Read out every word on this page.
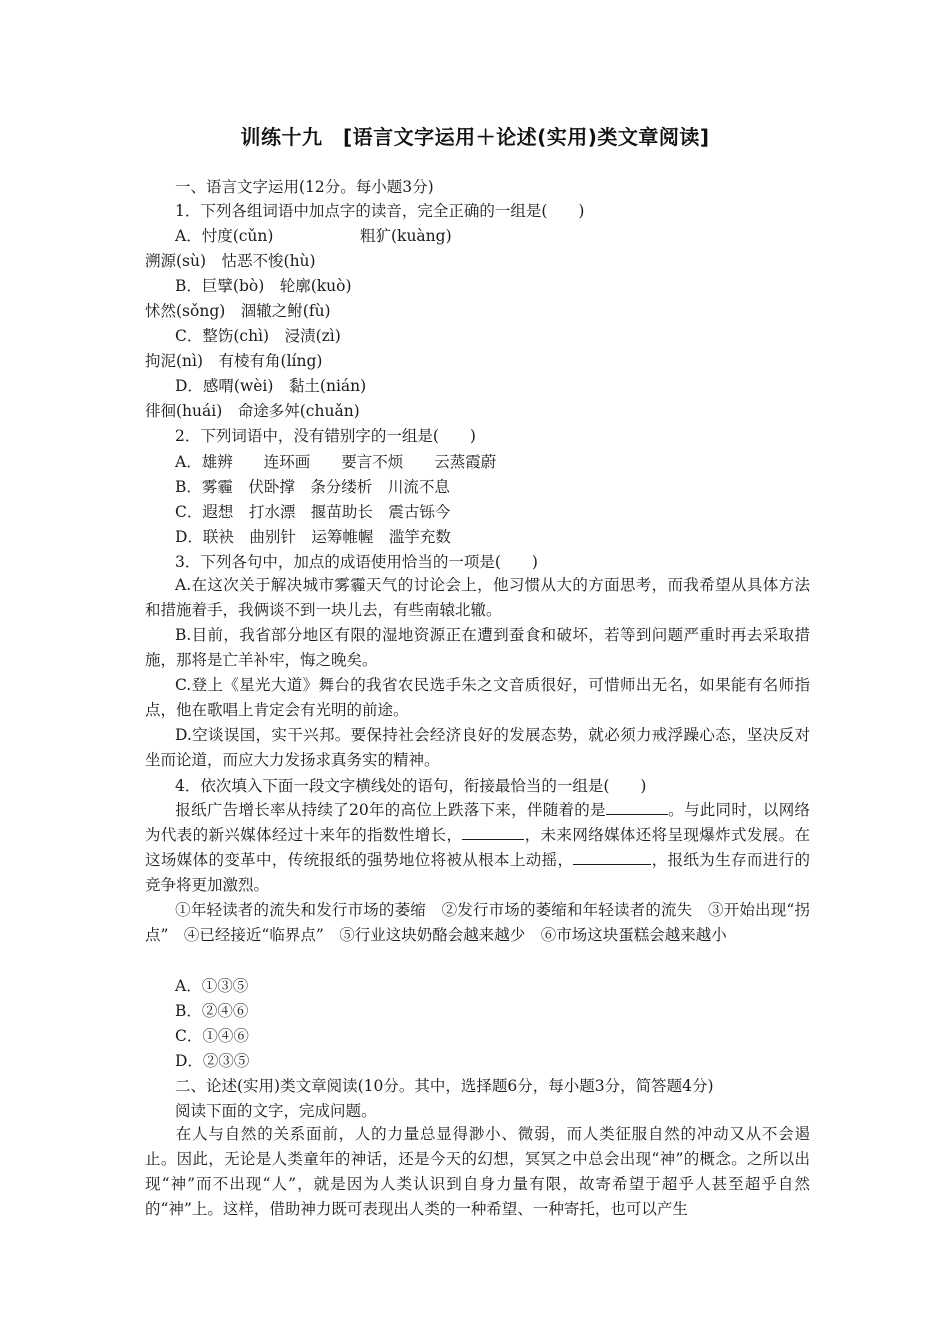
训练十九　[语言文字运用＋论述(实用)类文章阅读]
一、语言文字运用(12分。每小题3分)
1．下列各组词语中加点字的读音，完全正确的一组是(　　)
A．忖度(cǔn)	粗犷(kuàng)
溯源(sù)　怙恶不悛(hù)
B．巨擘(bò)　轮廓(kuò)
怵然(sǒng)　涸辙之鲋(fù)
C．整饬(chì)　浸渍(zì)
拘泥(nì)　有棱有角(líng)
D．感喟(wèi)　黏土(nián)
徘徊(huái)　命途多舛(chuǎn)
2．下列词语中，没有错别字的一组是(　　)
A．雄辨　　连环画　　要言不烦　　云蒸霞蔚
B．雾霾　伏卧撑　条分缕析　川流不息
C．遐想　打水漂　揠苗助长　震古铄今
D．联袂　曲别针　运筹帷幄　滥竽充数
3．下列各句中，加点的成语使用恰当的一项是(　　)
A.在这次关于解决城市雾霾天气的讨论会上，他习惯从大的方面思考，而我希望从具体方法和措施着手，我俩谈不到一块儿去，有些南辕北辙。
B.目前，我省部分地区有限的湿地资源正在遭到蚕食和破坏，若等到问题严重时再去采取措施，那将是亡羊补牢，悔之晚矣。
C.登上《星光大道》舞台的我省农民选手朱之文音质很好，可惜师出无名，如果能有名师指点，他在歌唱上肯定会有光明的前途。
D.空谈误国，实干兴邦。要保持社会经济良好的发展态势，就必须力戒浮躁心态，坚决反对坐而论道，而应大力发扬求真务实的精神。
4．依次填入下面一段文字横线处的语句，衔接最恰当的一组是(　　)
报纸广告增长率从持续了20年的高位上跌落下来，伴随着的是	。与此同时，以网络为代表的新兴媒体经过十来年的指数性增长，	，未来网络媒体还将呈现爆炸式发展。在这场媒体的变革中，传统报纸的强势地位将被从根本上动摇，	，报纸为生存而进行的竞争将更加激烈。
①年轻读者的流失和发行市场的萎缩　②发行市场的萎缩和年轻读者的流失　③开始出现“拐点”　④已经接近“临界点”　⑤行业这块奶酪会越来越少　⑥市场这块蛋糕会越来越小
A．①③⑤
B．②④⑥
C．①④⑥
D．②③⑤
二、论述(实用)类文章阅读(10分。其中，选择题6分，每小题3分，简答题4分)
阅读下面的文字，完成问题。
在人与自然的关系面前，人的力量总显得渺小、微弱，而人类征服自然的冲动又从不会遏止。因此，无论是人类童年的神话，还是今天的幻想，冥冥之中总会出现“神”的概念。之所以出现“神”而不出现“人”，就是因为人类认识到自身力量有限，故寄希望于超乎人甚至超乎自然的“神”上。这样，借助神力既可表现出人类的一种希望、一种寄托，也可以产生
